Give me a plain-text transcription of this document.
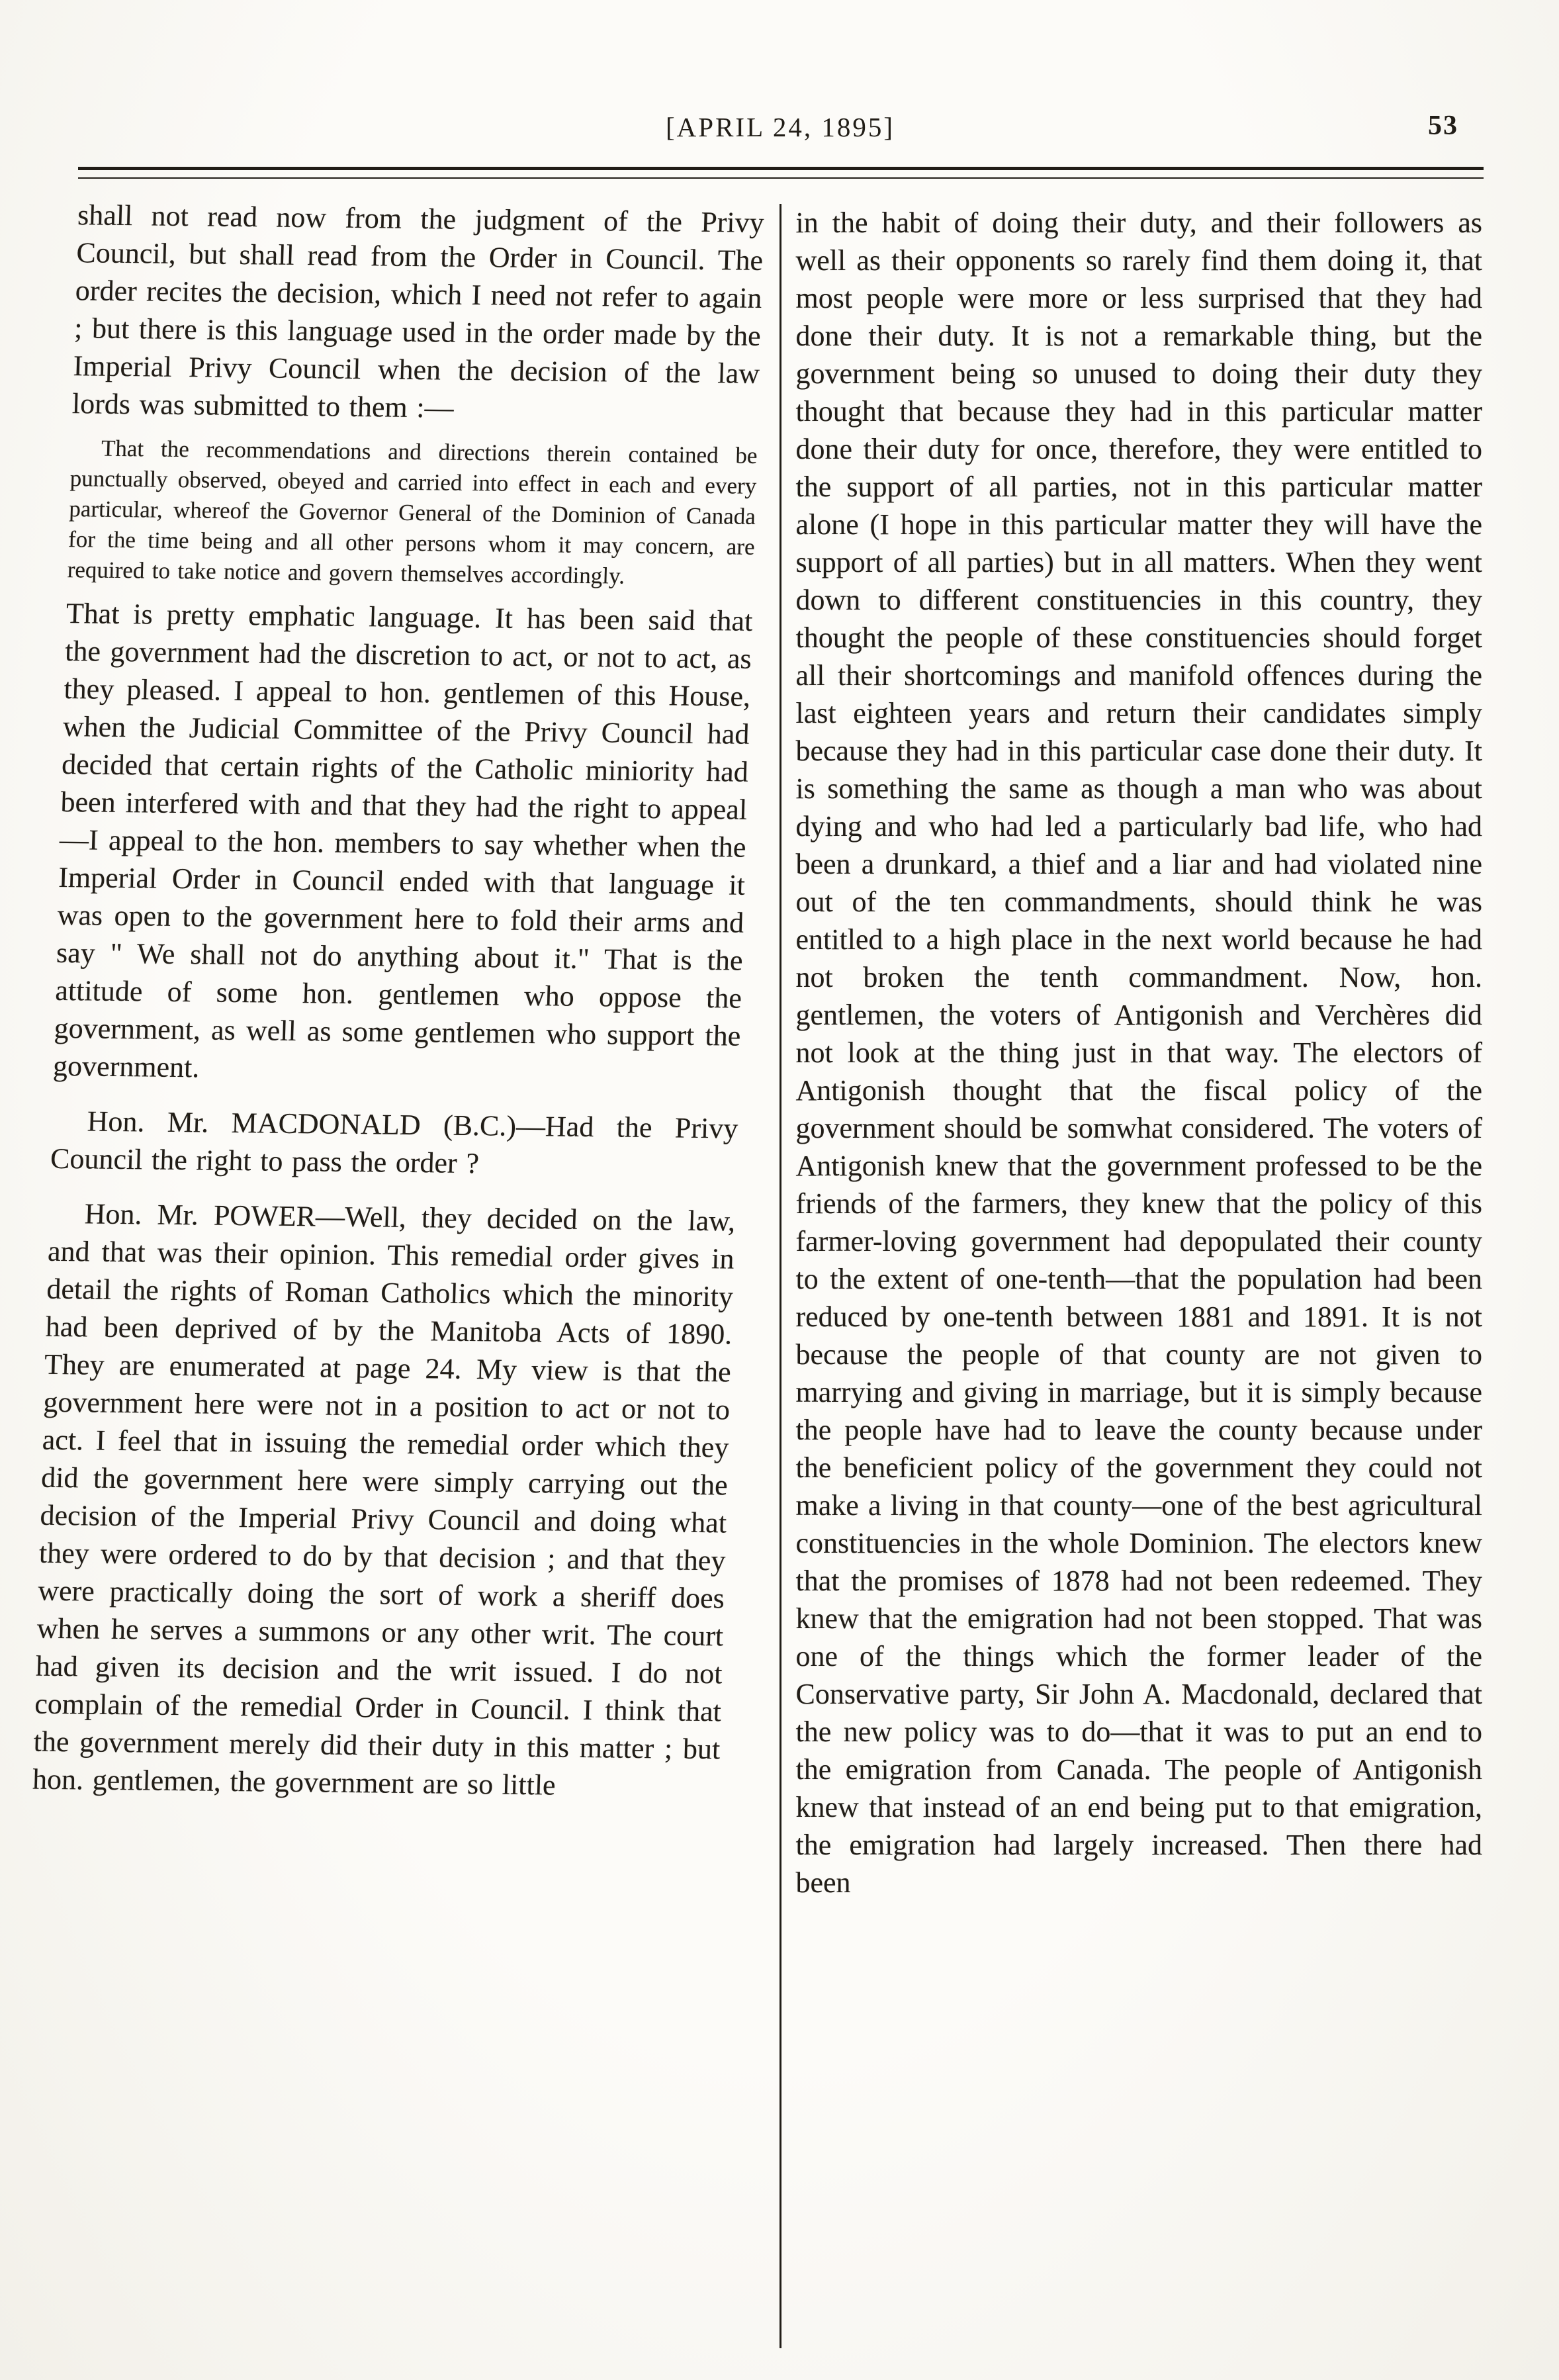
[APRIL 24, 1895]	53

shall not read now from the judgment of the Privy Council, but shall read from the Order in Council. The order recites the decision, which I need not refer to again ; but there is this language used in the order made by the Imperial Privy Council when the decision of the law lords was submitted to them :—

That the recommendations and directions therein contained be punctually observed, obeyed and carried into effect in each and every particular, whereof the Governor General of the Dominion of Canada for the time being and all other persons whom it may concern, are required to take notice and govern themselves accordingly.

That is pretty emphatic language. It has been said that the government had the discretion to act, or not to act, as they pleased. I appeal to hon. gentlemen of this House, when the Judicial Committee of the Privy Council had decided that certain rights of the Catholic miniority had been interfered with and that they had the right to appeal —I appeal to the hon. members to say whether when the Imperial Order in Council ended with that language it was open to the government here to fold their arms and say " We shall not do anything about it." That is the attitude of some hon. gentlemen who oppose the government, as well as some gentlemen who support the government.

Hon. Mr. MACDONALD (B.C.)—Had the Privy Council the right to pass the order ?

Hon. Mr. POWER—Well, they decided on the law, and that was their opinion. This remedial order gives in detail the rights of Roman Catholics which the minority had been deprived of by the Manitoba Acts of 1890. They are enumerated at page 24. My view is that the government here were not in a position to act or not to act. I feel that in issuing the remedial order which they did the government here were simply carrying out the decision of the Imperial Privy Council and doing what they were ordered to do by that decision ; and that they were practically doing the sort of work a sheriff does when he serves a summons or any other writ. The court had given its decision and the writ issued. I do not complain of the remedial Order in Council. I think that the government merely did their duty in this matter ; but hon. gentlemen, the government are so little

in the habit of doing their duty, and their followers as well as their opponents so rarely find them doing it, that most people were more or less surprised that they had done their duty. It is not a remarkable thing, but the government being so unused to doing their duty they thought that because they had in this particular matter done their duty for once, therefore, they were entitled to the support of all parties, not in this particular matter alone (I hope in this particular matter they will have the support of all parties) but in all matters. When they went down to different constituencies in this country, they thought the people of these constituencies should forget all their shortcomings and manifold offences during the last eighteen years and return their candidates simply because they had in this particular case done their duty. It is something the same as though a man who was about dying and who had led a particularly bad life, who had been a drunkard, a thief and a liar and had violated nine out of the ten commandments, should think he was entitled to a high place in the next world because he had not broken the tenth commandment. Now, hon. gentlemen, the voters of Antigonish and Verchères did not look at the thing just in that way. The electors of Antigonish thought that the fiscal policy of the government should be somwhat considered. The voters of Antigonish knew that the government professed to be the friends of the farmers, they knew that the policy of this farmer-loving government had depopulated their county to the extent of one-tenth—that the population had been reduced by one-tenth between 1881 and 1891. It is not because the people of that county are not given to marrying and giving in marriage, but it is simply because the people have had to leave the county because under the beneficient policy of the government they could not make a living in that county—one of the best agricultural constituencies in the whole Dominion. The electors knew that the promises of 1878 had not been redeemed. They knew that the emigration had not been stopped. That was one of the things which the former leader of the Conservative party, Sir John A. Macdonald, declared that the new policy was to do—that it was to put an end to the emigration from Canada. The people of Antigonish knew that instead of an end being put to that emigration, the emigration had largely increased. Then there had been
